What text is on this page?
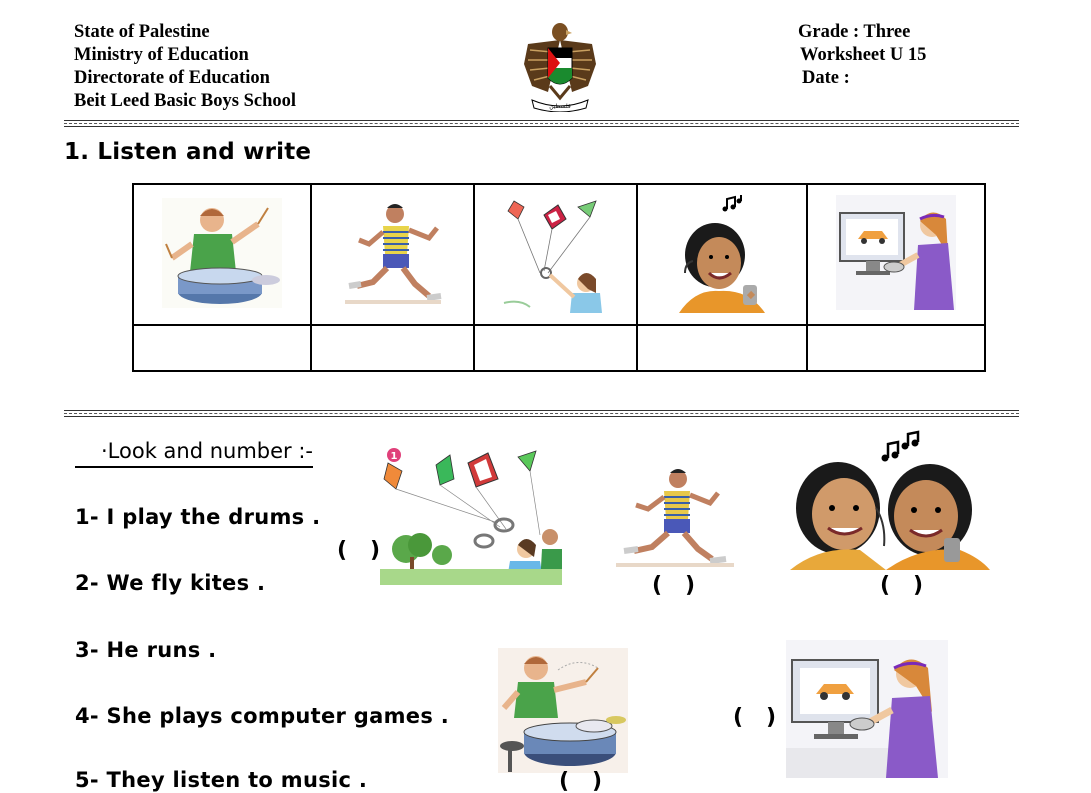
State of Palestine
Ministry of Education
Directorate of Education
Beit Leed Basic Boys School	فلسطين
Grade : Three
Worksheet U 15
Date :
1. Listen and write

·Look and number :-
1- I play the drums .
2- We fly kites .
3- He runs .
4- She plays computer games .
5- They listen to music .
1
(   )
(   )	(   )
(   )
(   )
